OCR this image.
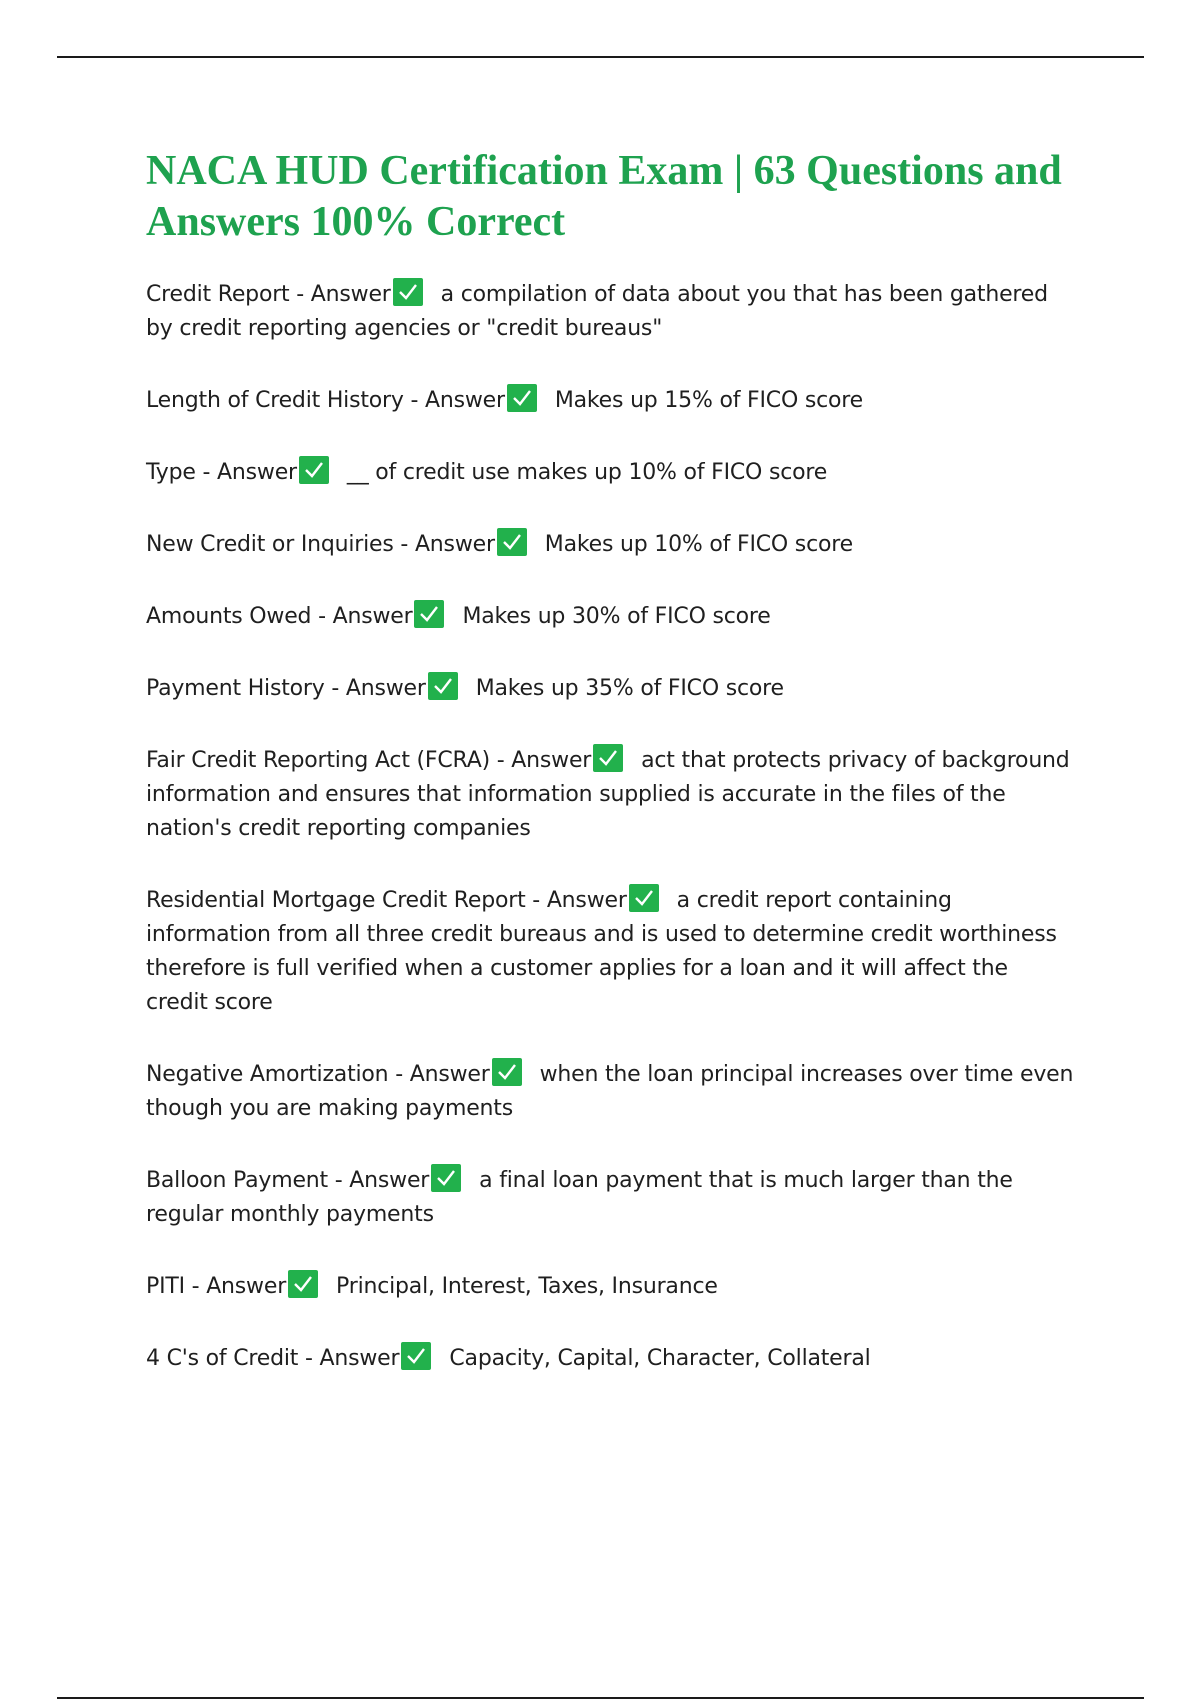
NACA HUD Certification Exam | 63 Questions and Answers 100% Correct

Credit Report - Answer a compilation of data about you that has been gathered by credit reporting agencies or "credit bureaus"

Length of Credit History - Answer Makes up 15% of FICO score

Type - Answer __ of credit use makes up 10% of FICO score

New Credit or Inquiries - Answer Makes up 10% of FICO score

Amounts Owed - Answer Makes up 30% of FICO score

Payment History - Answer Makes up 35% of FICO score

Fair Credit Reporting Act (FCRA) - Answer act that protects privacy of background information and ensures that information supplied is accurate in the files of the nation's credit reporting companies

Residential Mortgage Credit Report - Answer a credit report containing information from all three credit bureaus and is used to determine credit worthiness therefore is full verified when a customer applies for a loan and it will affect the credit score

Negative Amortization - Answer when the loan principal increases over time even though you are making payments

Balloon Payment - Answer a final loan payment that is much larger than the regular monthly payments

PITI - Answer Principal, Interest, Taxes, Insurance

4 C's of Credit - Answer Capacity, Capital, Character, Collateral
